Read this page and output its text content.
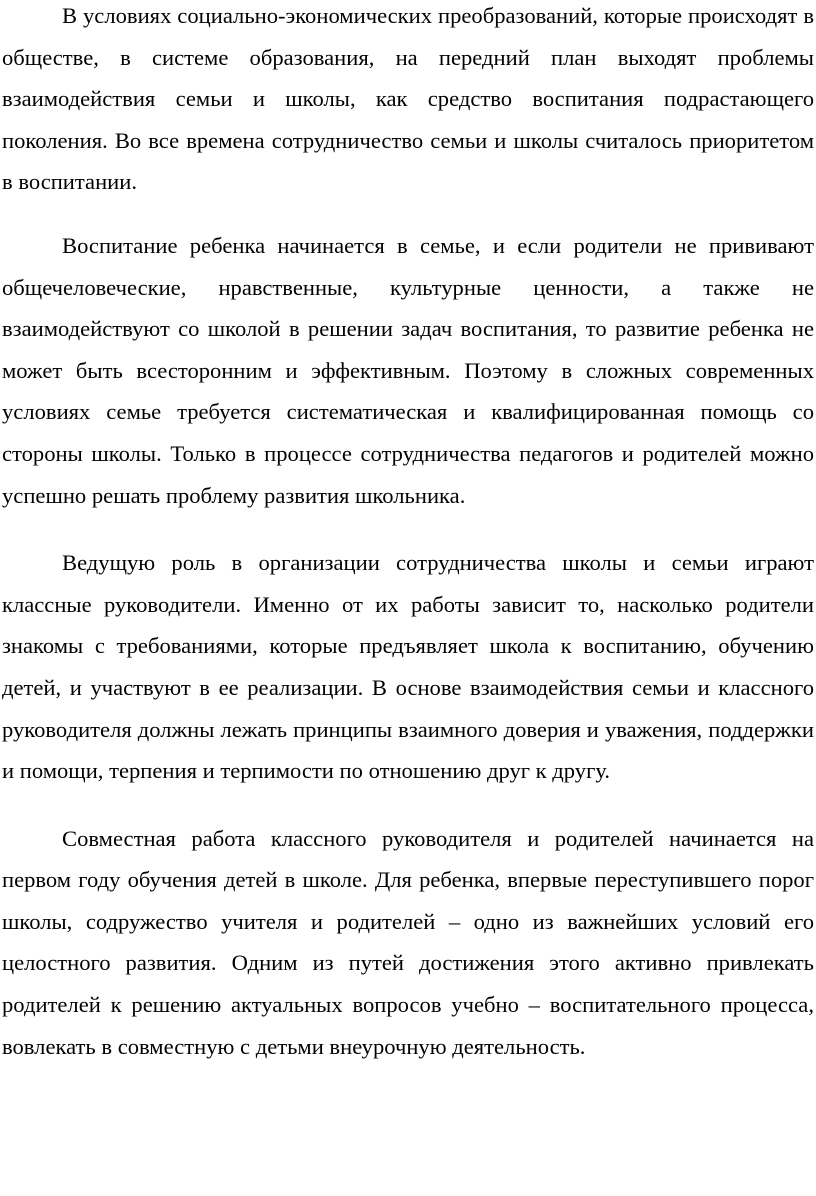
В условиях социально-экономических преобразований, которые происходят в обществе, в системе образования, на передний план выходят проблемы взаимодействия семьи и школы, как средство воспитания подрастающего поколения. Во все времена сотрудничество семьи и школы считалось приоритетом в воспитании.

Воспитание ребенка начинается в семье, и если родители не прививают общечеловеческие, нравственные, культурные ценности, а также не взаимодействуют со школой в решении задач воспитания, то развитие ребенка не может быть всесторонним и эффективным. Поэтому в сложных современных условиях семье требуется систематическая и квалифицированная помощь со стороны школы. Только в процессе сотрудничества педагогов и родителей можно успешно решать проблему развития школьника.

Ведущую роль в организации сотрудничества школы и семьи играют классные руководители. Именно от их работы зависит то, насколько родители знакомы с требованиями, которые предъявляет школа к воспитанию, обучению детей, и участвуют в ее реализации. В основе взаимодействия семьи и классного руководителя должны лежать принципы взаимного доверия и уважения, поддержки и помощи, терпения и терпимости по отношению друг к другу.

Совместная работа классного руководителя и родителей начинается на первом году обучения детей в школе. Для ребенка, впервые переступившего порог школы, содружество учителя и родителей – одно из важнейших условий его целостного развития. Одним из путей достижения этого активно привлекать родителей к решению актуальных вопросов учебно – воспитательного процесса, вовлекать в совместную с детьми внеурочную деятельность.
